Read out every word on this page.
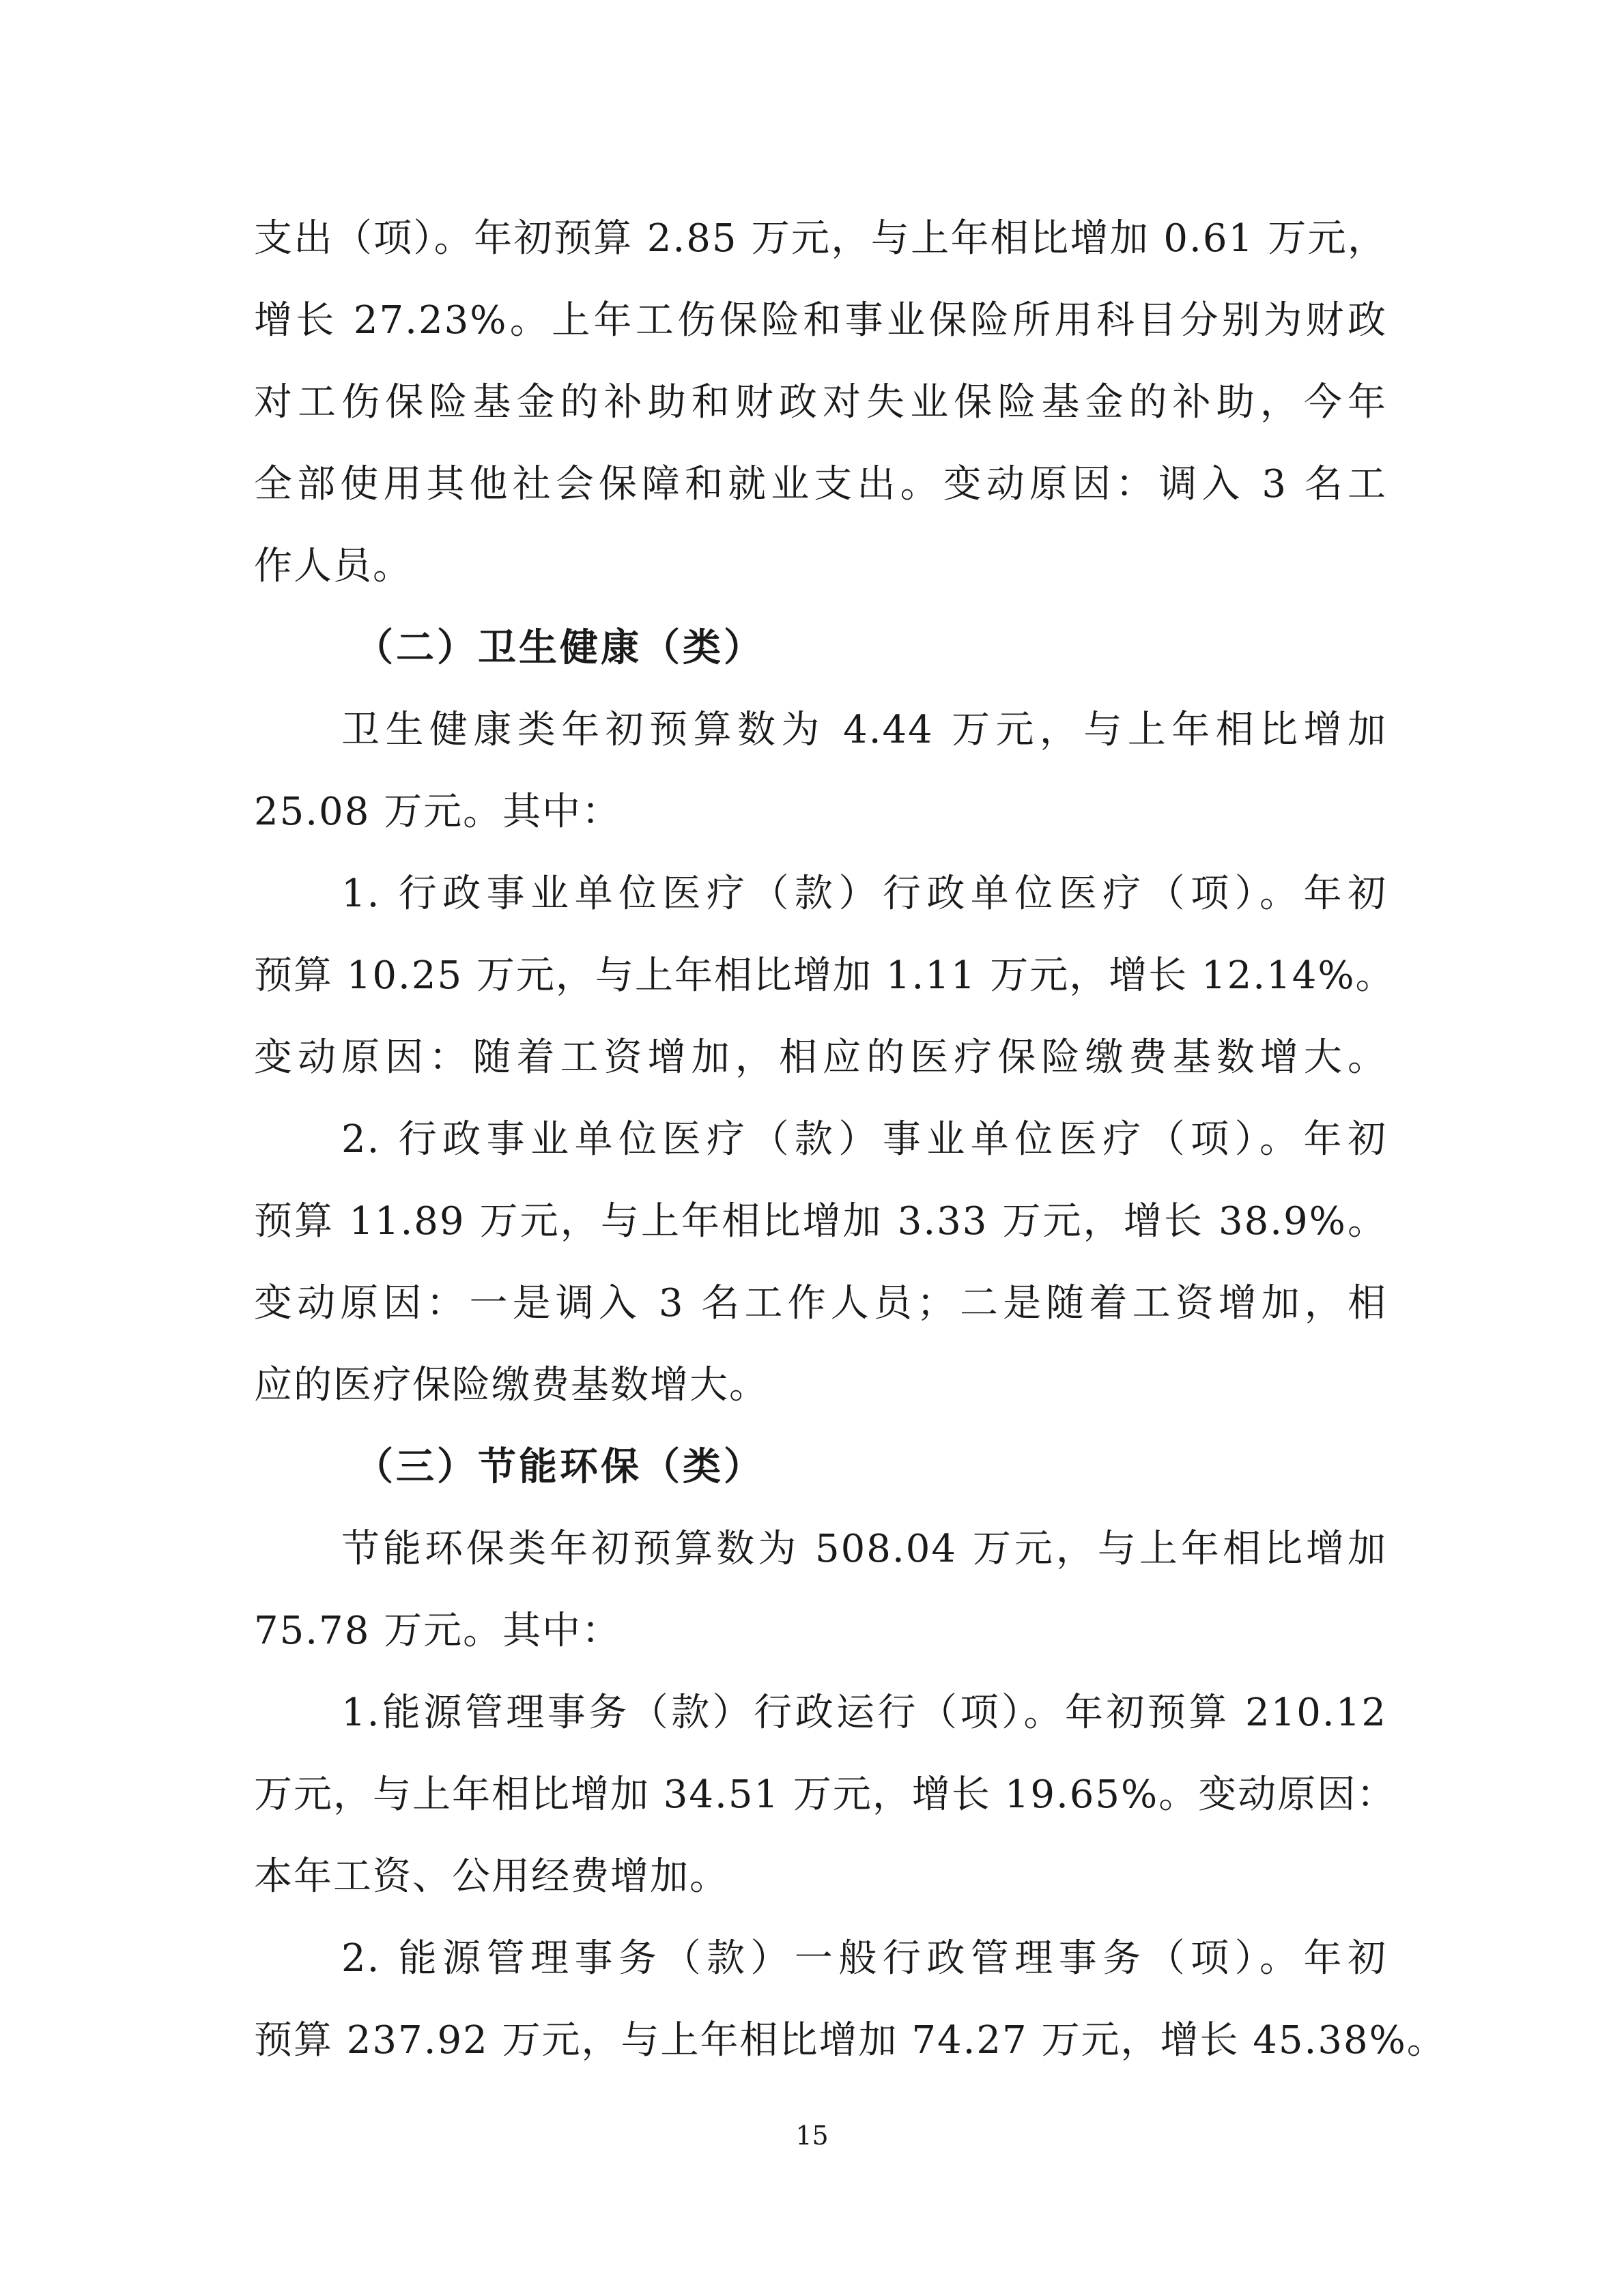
支出（项）。年初预算 2.85 万元，与上年相比增加 0.61 万元，
增长 27.23%。上年工伤保险和事业保险所用科目分别为财政
对工伤保险基金的补助和财政对失业保险基金的补助，今年
全部使用其他社会保障和就业支出。变动原因：调入 3 名工
作人员。
（二）卫生健康（类）
卫生健康类年初预算数为 4.44 万元，与上年相比增加
25.08 万元。其中：
1. 行政事业单位医疗（款）行政单位医疗（项）。年初
预算 10.25 万元，与上年相比增加 1.11 万元，增长 12.14%。
变动原因：随着工资增加，相应的医疗保险缴费基数增大。
2. 行政事业单位医疗（款）事业单位医疗（项）。年初
预算 11.89 万元，与上年相比增加 3.33 万元，增长 38.9%。
变动原因：一是调入 3 名工作人员；二是随着工资增加，相
应的医疗保险缴费基数增大。
（三）节能环保（类）
节能环保类年初预算数为 508.04 万元，与上年相比增加
75.78 万元。其中：
1.能源管理事务（款）行政运行（项）。年初预算 210.12
万元，与上年相比增加 34.51 万元，增长 19.65%。变动原因：
本年工资、公用经费增加。
2. 能源管理事务（款）一般行政管理事务（项）。年初
预算 237.92 万元，与上年相比增加 74.27 万元，增长 45.38%。
15
